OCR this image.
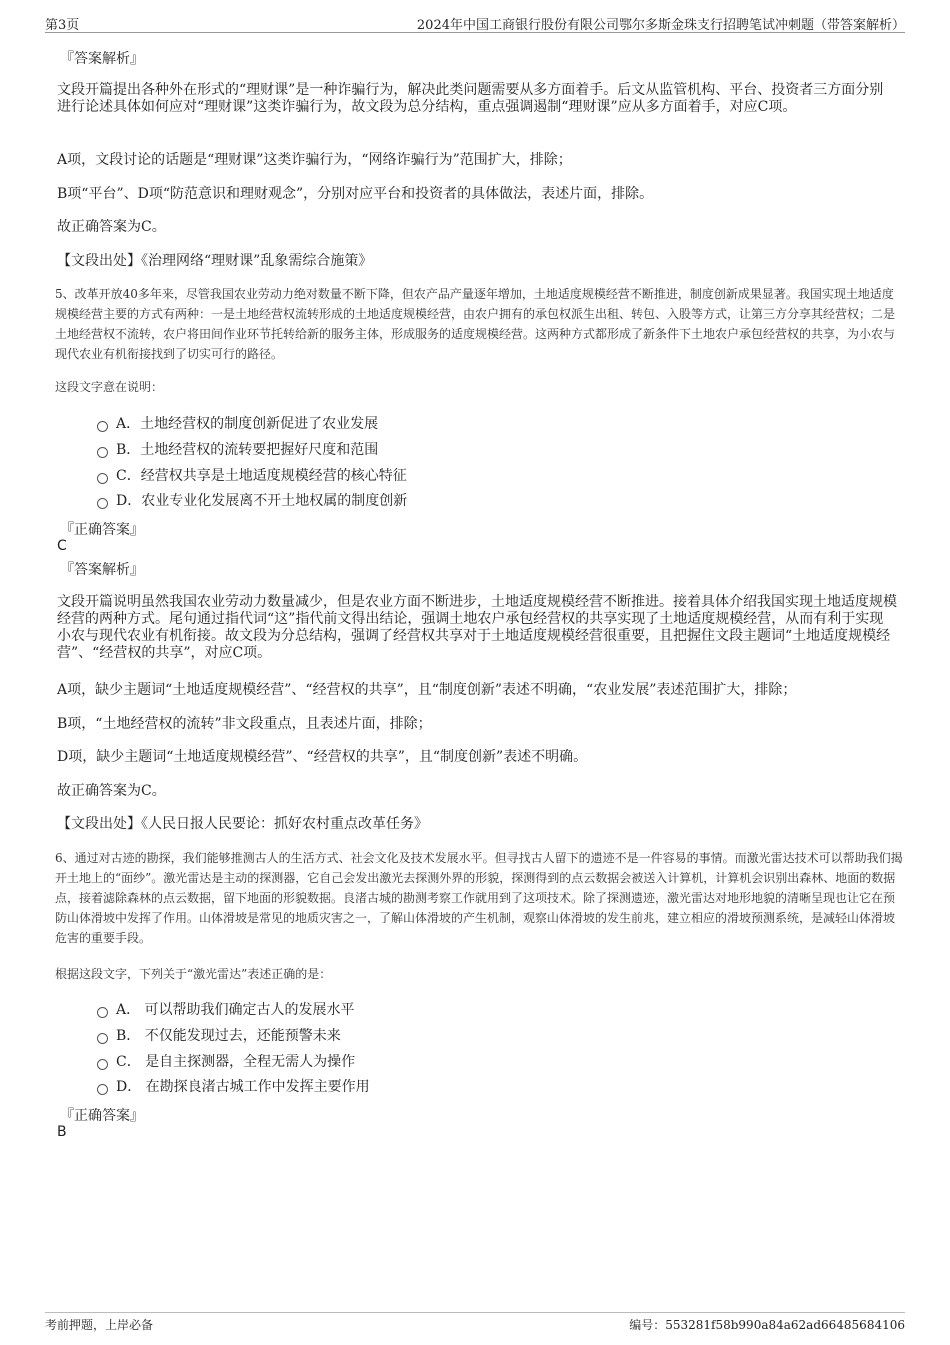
第3页	2024年中国工商银行股份有限公司鄂尔多斯金珠支行招聘笔试冲刺题（带答案解析）
『答案解析』
文段开篇提出各种外在形式的“理财课”是一种诈骗行为，解决此类问题需要从多方面着手。后文从监管机构、平台、投资者三方面分别进行论述具体如何应对“理财课”这类诈骗行为，故文段为总分结构，重点强调遏制“理财课”应从多方面着手，对应C项。
A项，文段讨论的话题是“理财课”这类诈骗行为，“网络诈骗行为”范围扩大，排除；
B项“平台”、D项“防范意识和理财观念”，分别对应平台和投资者的具体做法，表述片面，排除。
故正确答案为C。
【文段出处】《治理网络“理财课”乱象需综合施策》
5、改革开放40多年来，尽管我国农业劳动力绝对数量不断下降，但农产品产量逐年增加，土地适度规模经营不断推进，制度创新成果显著。我国实现土地适度规模经营主要的方式有两种：一是土地经营权流转形成的土地适度规模经营，由农户拥有的承包权派生出租、转包、入股等方式，让第三方分享其经营权；二是土地经营权不流转，农户将田间作业环节托转给新的服务主体，形成服务的适度规模经营。这两种方式都形成了新条件下土地农户承包经营权的共享，为小农与现代农业有机衔接找到了切实可行的路径。
这段文字意在说明：
A．土地经营权的制度创新促进了农业发展
B．土地经营权的流转要把握好尺度和范围
C．经营权共享是土地适度规模经营的核心特征
D．农业专业化发展离不开土地权属的制度创新
『正确答案』
C
『答案解析』
文段开篇说明虽然我国农业劳动力数量减少，但是农业方面不断进步，土地适度规模经营不断推进。接着具体介绍我国实现土地适度规模经营的两种方式。尾句通过指代词“这”指代前文得出结论，强调土地农户承包经营权的共享实现了土地适度规模经营，从而有利于实现小农与现代农业有机衔接。故文段为分总结构，强调了经营权共享对于土地适度规模经营很重要，且把握住文段主题词“土地适度规模经营”、“经营权的共享”，对应C项。
A项，缺少主题词“土地适度规模经营”、“经营权的共享”，且“制度创新”表述不明确，“农业发展”表述范围扩大，排除；
B项，“土地经营权的流转”非文段重点，且表述片面，排除；
D项，缺少主题词“土地适度规模经营”、“经营权的共享”，且“制度创新”表述不明确。
故正确答案为C。
【文段出处】《人民日报人民要论：抓好农村重点改革任务》
6、通过对古迹的勘探，我们能够推测古人的生活方式、社会文化及技术发展水平。但寻找古人留下的遗迹不是一件容易的事情。而激光雷达技术可以帮助我们揭开土地上的“面纱”。激光雷达是主动的探测器，它自己会发出激光去探测外界的形貌，探测得到的点云数据会被送入计算机，计算机会识别出森林、地面的数据点，接着滤除森林的点云数据，留下地面的形貌数据。良渚古城的勘测考察工作就用到了这项技术。除了探测遗迹，激光雷达对地形地貌的清晰呈现也让它在预防山体滑坡中发挥了作用。山体滑坡是常见的地质灾害之一，了解山体滑坡的产生机制，观察山体滑坡的发生前兆，建立相应的滑坡预测系统，是减轻山体滑坡危害的重要手段。
根据这段文字，下列关于“激光雷达”表述正确的是：
A． 可以帮助我们确定古人的发展水平
B． 不仅能发现过去，还能预警未来
C． 是自主探测器，全程无需人为操作
D． 在勘探良渚古城工作中发挥主要作用
『正确答案』
B
考前押题，上岸必备	编号：553281f58b990a84a62ad66485684106
